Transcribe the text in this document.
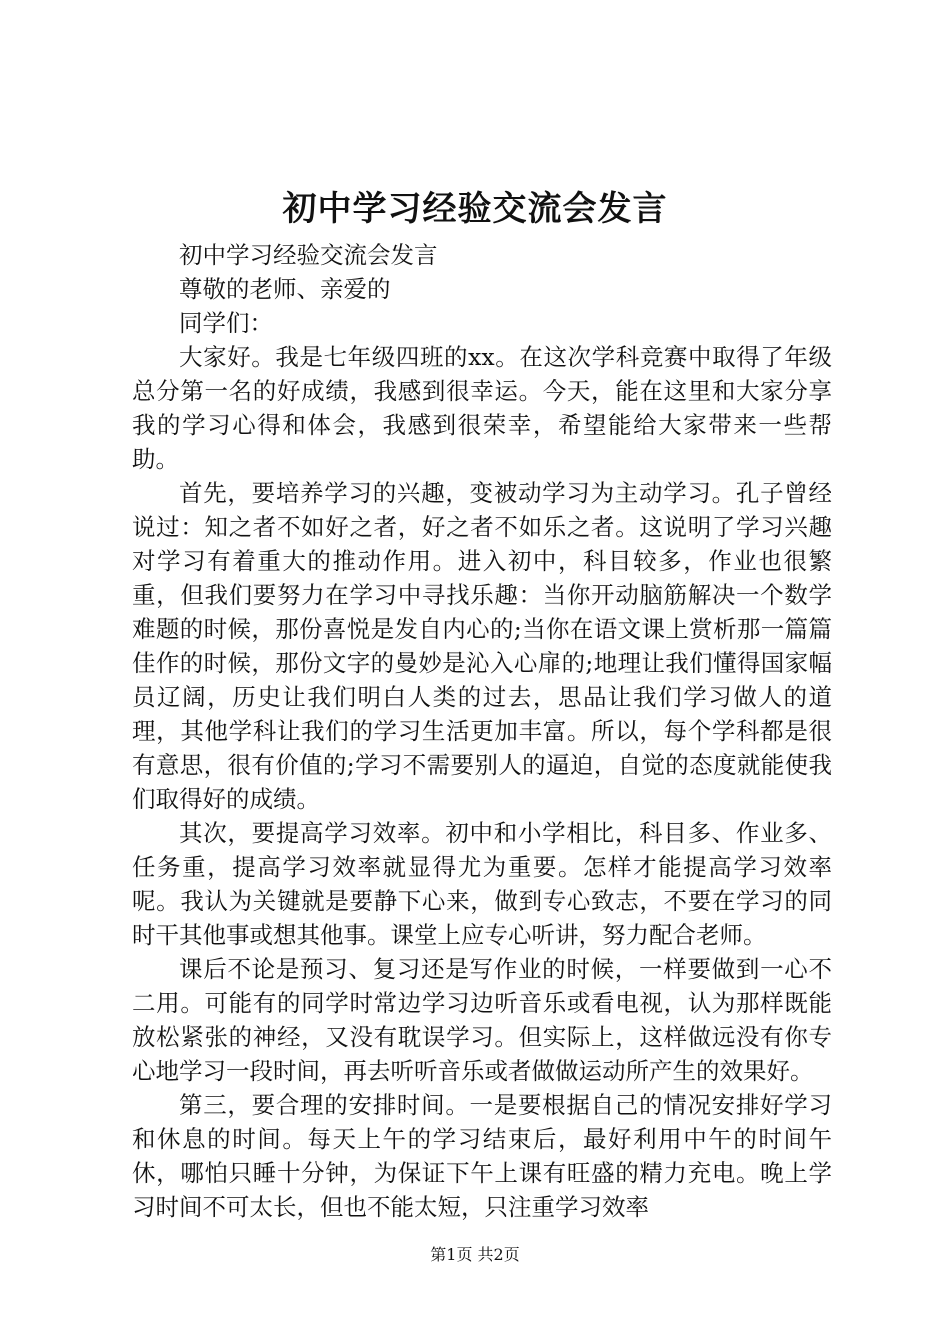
初中学习经验交流会发言

初中学习经验交流会发言

尊敬的老师、亲爱的

同学们：

大家好。我是七年级四班的xx。在这次学科竞赛中取得了年级总分第一名的好成绩，我感到很幸运。今天，能在这里和大家分享我的学习心得和体会，我感到很荣幸，希望能给大家带来一些帮助。

首先，要培养学习的兴趣，变被动学习为主动学习。孔子曾经说过：知之者不如好之者，好之者不如乐之者。这说明了学习兴趣对学习有着重大的推动作用。进入初中，科目较多，作业也很繁重，但我们要努力在学习中寻找乐趣：当你开动脑筋解决一个数学难题的时候，那份喜悦是发自内心的;当你在语文课上赏析那一篇篇佳作的时候，那份文字的曼妙是沁入心扉的;地理让我们懂得国家幅员辽阔，历史让我们明白人类的过去，思品让我们学习做人的道理，其他学科让我们的学习生活更加丰富。所以，每个学科都是很有意思，很有价值的;学习不需要别人的逼迫，自觉的态度就能使我们取得好的成绩。

其次，要提高学习效率。初中和小学相比，科目多、作业多、任务重，提高学习效率就显得尤为重要。怎样才能提高学习效率呢。我认为关键就是要静下心来，做到专心致志，不要在学习的同时干其他事或想其他事。课堂上应专心听讲，努力配合老师。

课后不论是预习、复习还是写作业的时候，一样要做到一心不二用。可能有的同学时常边学习边听音乐或看电视，认为那样既能放松紧张的神经，又没有耽误学习。但实际上，这样做远没有你专心地学习一段时间，再去听听音乐或者做做运动所产生的效果好。

第三，要合理的安排时间。一是要根据自己的情况安排好学习和休息的时间。每天上午的学习结束后，最好利用中午的时间午休，哪怕只睡十分钟，为保证下午上课有旺盛的精力充电。晚上学习时间不可太长，但也不能太短，只注重学习效率

第1页 共2页
